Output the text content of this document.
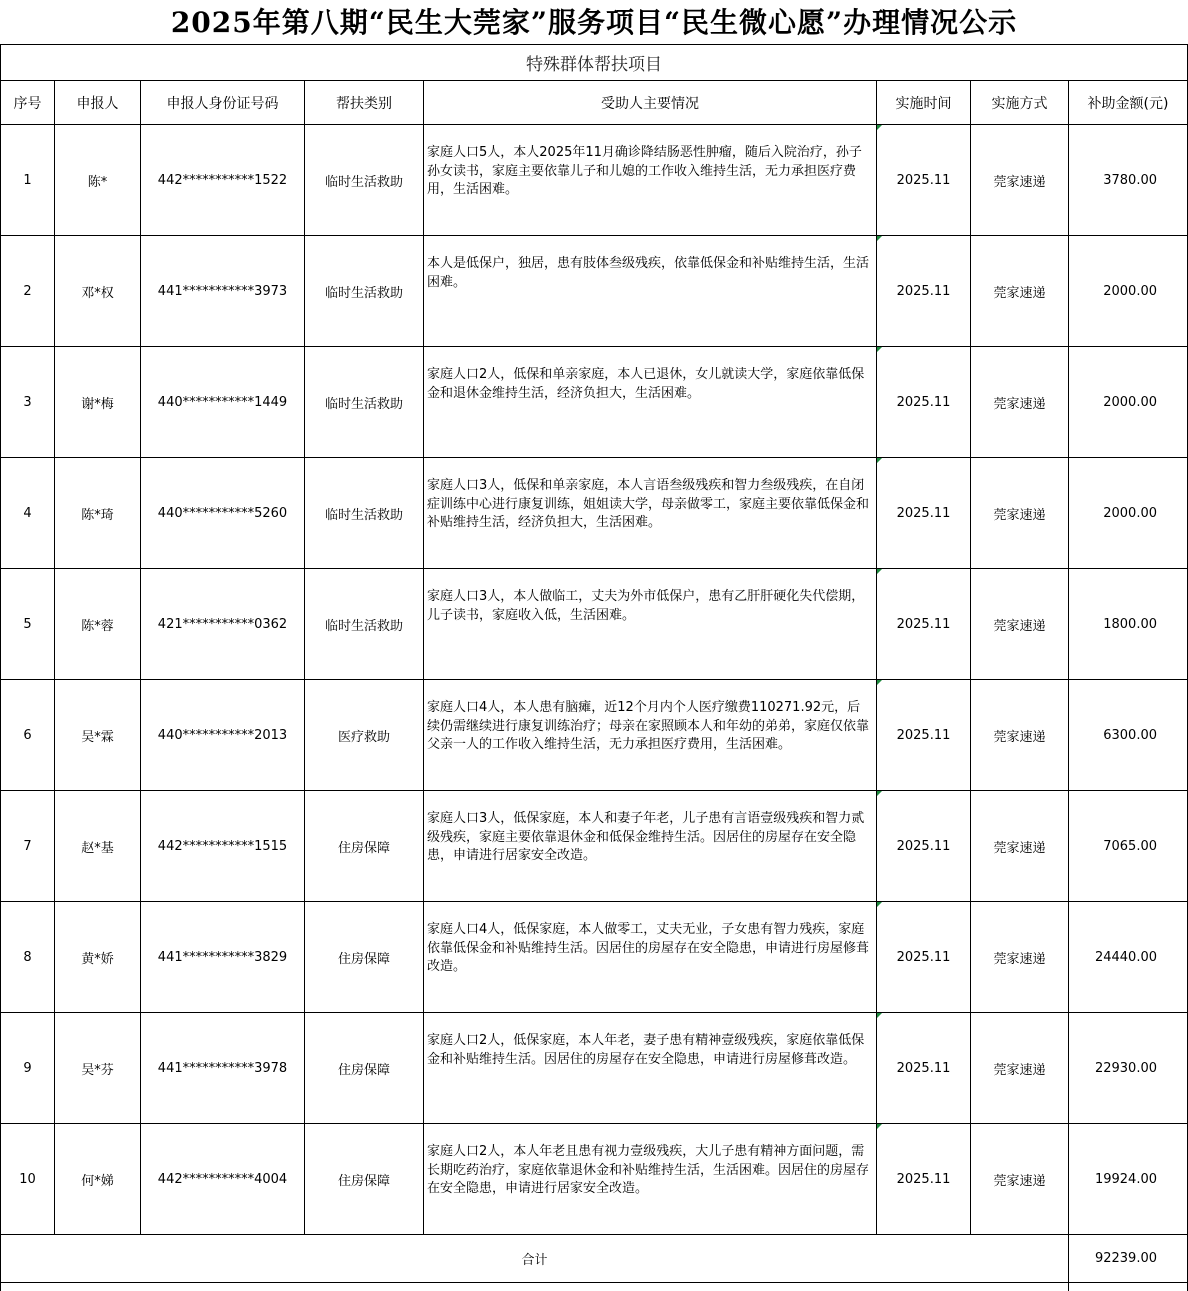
2025年第八期“民生大莞家”服务项目“民生微心愿”办理情况公示
特殊群体帮扶项目							
序号	申报人	申报人身份证号码	帮扶类别	受助人主要情况	实施时间	实施方式	补助金额(元)
1	陈*	442***********1522	临时生活救助	家庭人口5人，本人2025年11月确诊降结肠恶性肿瘤，随后入院治疗，孙子孙女读书，家庭主要依靠儿子和儿媳的工作收入维持生活，无力承担医疗费用，生活困难。	2025.11	莞家速递	3780.00
2	邓*权	441***********3973	临时生活救助	本人是低保户，独居，患有肢体叁级残疾，依靠低保金和补贴维持生活，生活困难。	2025.11	莞家速递	2000.00
3	谢*梅	440***********1449	临时生活救助	家庭人口2人，低保和单亲家庭，本人已退休，女儿就读大学，家庭依靠低保金和退休金维持生活，经济负担大，生活困难。	2025.11	莞家速递	2000.00
4	陈*琦	440***********5260	临时生活救助	家庭人口3人，低保和单亲家庭，本人言语叁级残疾和智力叁级残疾，在自闭症训练中心进行康复训练，姐姐读大学，母亲做零工，家庭主要依靠低保金和补贴维持生活，经济负担大，生活困难。	2025.11	莞家速递	2000.00
5	陈*蓉	421***********0362	临时生活救助	家庭人口3人，本人做临工，丈夫为外市低保户，患有乙肝肝硬化失代偿期，儿子读书，家庭收入低，生活困难。	2025.11	莞家速递	1800.00
6	吴*霖	440***********2013	医疗救助	家庭人口4人，本人患有脑瘫，近12个月内个人医疗缴费110271.92元，后续仍需继续进行康复训练治疗；母亲在家照顾本人和年幼的弟弟，家庭仅依靠父亲一人的工作收入维持生活，无力承担医疗费用，生活困难。	2025.11	莞家速递	6300.00
7	赵*基	442***********1515	住房保障	家庭人口3人，低保家庭，本人和妻子年老，儿子患有言语壹级残疾和智力贰级残疾，家庭主要依靠退休金和低保金维持生活。因居住的房屋存在安全隐患，申请进行居家安全改造。	2025.11	莞家速递	7065.00
8	黄*娇	441***********3829	住房保障	家庭人口4人，低保家庭，本人做零工，丈夫无业，子女患有智力残疾，家庭依靠低保金和补贴维持生活。因居住的房屋存在安全隐患，申请进行房屋修葺改造。	2025.11	莞家速递	24440.00
9	吴*芬	441***********3978	住房保障	家庭人口2人，低保家庭，本人年老，妻子患有精神壹级残疾，家庭依靠低保金和补贴维持生活。因居住的房屋存在安全隐患，申请进行房屋修葺改造。	2025.11	莞家速递	22930.00
10	何*娣	442***********4004	住房保障	家庭人口2人，本人年老且患有视力壹级残疾，大儿子患有精神方面问题，需长期吃药治疗，家庭依靠退休金和补贴维持生活，生活困难。因居住的房屋存在安全隐患，申请进行居家安全改造。	2025.11	莞家速递	19924.00
合计							92239.00
